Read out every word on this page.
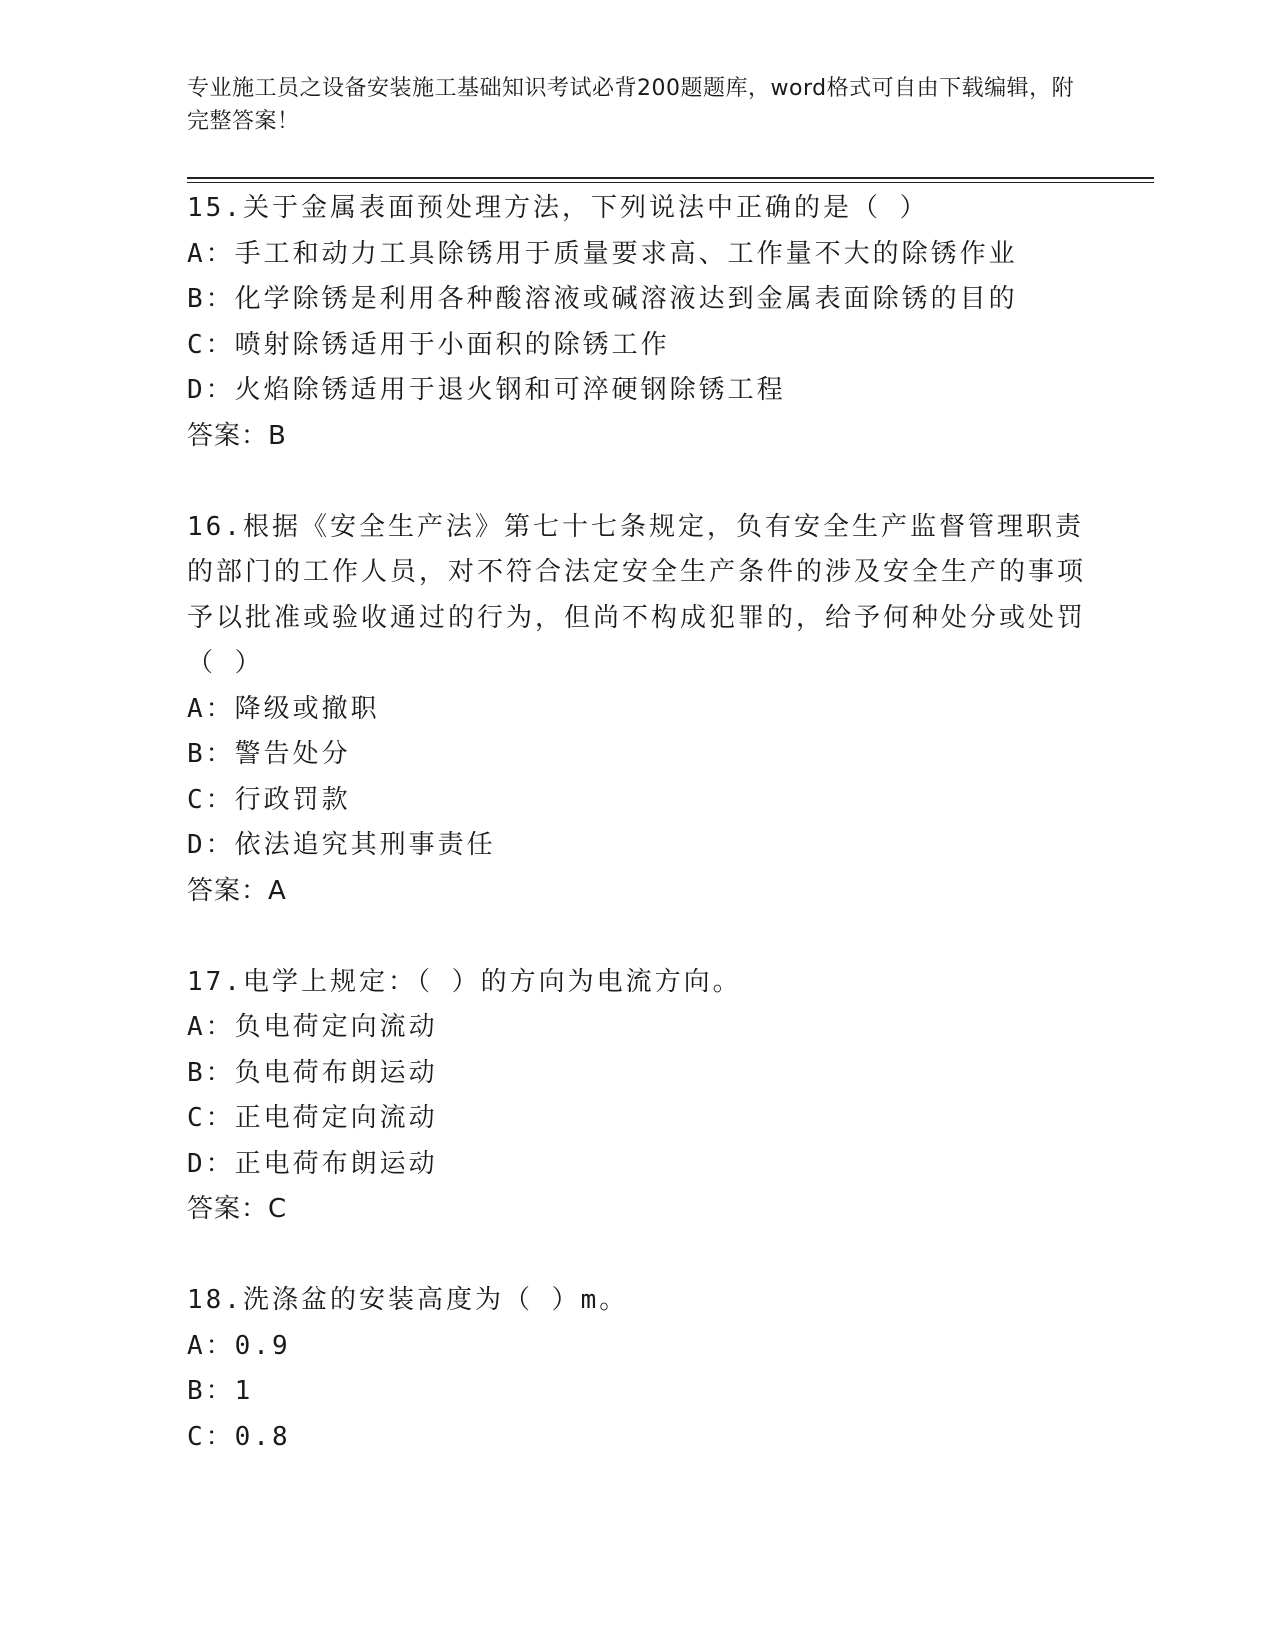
专业施工员之设备安装施工基础知识考试必背200题题库，word格式可自由下载编辑，附完整答案！
15.关于金属表面预处理方法，下列说法中正确的是（ ）
A：手工和动力工具除锈用于质量要求高、工作量不大的除锈作业
B：化学除锈是利用各种酸溶液或碱溶液达到金属表面除锈的目的
C：喷射除锈适用于小面积的除锈工作
D：火焰除锈适用于退火钢和可淬硬钢除锈工程
答案：B
16.根据《安全生产法》第七十七条规定，负有安全生产监督管理职责的部门的工作人员，对不符合法定安全生产条件的涉及安全生产的事项予以批准或验收通过的行为，但尚不构成犯罪的，给予何种处分或处罚（ ）
A：降级或撤职
B：警告处分
C：行政罚款
D：依法追究其刑事责任
答案：A
17.电学上规定：（ ）的方向为电流方向。
A：负电荷定向流动
B：负电荷布朗运动
C：正电荷定向流动
D：正电荷布朗运动
答案：C
18.洗涤盆的安装高度为（ ）m。
A：0.9
B：1
C：0.8
